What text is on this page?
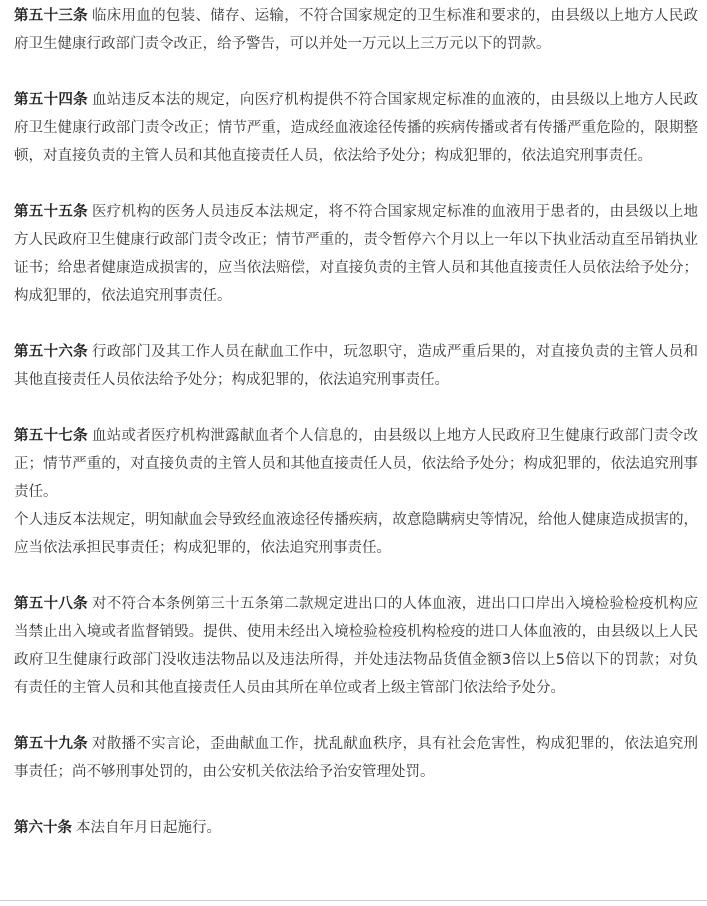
第五十三条 临床用血的包装、储存、运输，不符合国家规定的卫生标准和要求的，由县级以上地方人民政府卫生健康行政部门责令改正，给予警告，可以并处一万元以上三万元以下的罚款。

第五十四条 血站违反本法的规定，向医疗机构提供不符合国家规定标准的血液的，由县级以上地方人民政府卫生健康行政部门责令改正；情节严重，造成经血液途径传播的疾病传播或者有传播严重危险的，限期整顿，对直接负责的主管人员和其他直接责任人员，依法给予处分；构成犯罪的，依法追究刑事责任。

第五十五条 医疗机构的医务人员违反本法规定，将不符合国家规定标准的血液用于患者的，由县级以上地方人民政府卫生健康行政部门责令改正；情节严重的，责令暂停六个月以上一年以下执业活动直至吊销执业证书；给患者健康造成损害的，应当依法赔偿，对直接负责的主管人员和其他直接责任人员依法给予处分；构成犯罪的，依法追究刑事责任。

第五十六条 行政部门及其工作人员在献血工作中，玩忽职守，造成严重后果的，对直接负责的主管人员和其他直接责任人员依法给予处分；构成犯罪的，依法追究刑事责任。

第五十七条 血站或者医疗机构泄露献血者个人信息的，由县级以上地方人民政府卫生健康行政部门责令改正；情节严重的，对直接负责的主管人员和其他直接责任人员，依法给予处分；构成犯罪的，依法追究刑事责任。

个人违反本法规定，明知献血会导致经血液途径传播疾病，故意隐瞒病史等情况，给他人健康造成损害的，应当依法承担民事责任；构成犯罪的，依法追究刑事责任。

第五十八条 对不符合本条例第三十五条第二款规定进出口的人体血液，进出口口岸出入境检验检疫机构应当禁止出入境或者监督销毁。提供、使用未经出入境检验检疫机构检疫的进口人体血液的，由县级以上人民政府卫生健康行政部门没收违法物品以及违法所得，并处违法物品货值金额3倍以上5倍以下的罚款；对负有责任的主管人员和其他直接责任人员由其所在单位或者上级主管部门依法给予处分。

第五十九条 对散播不实言论，歪曲献血工作，扰乱献血秩序，具有社会危害性，构成犯罪的，依法追究刑事责任；尚不够刑事处罚的，由公安机关依法给予治安管理处罚。

第六十条 本法自年月日起施行。
